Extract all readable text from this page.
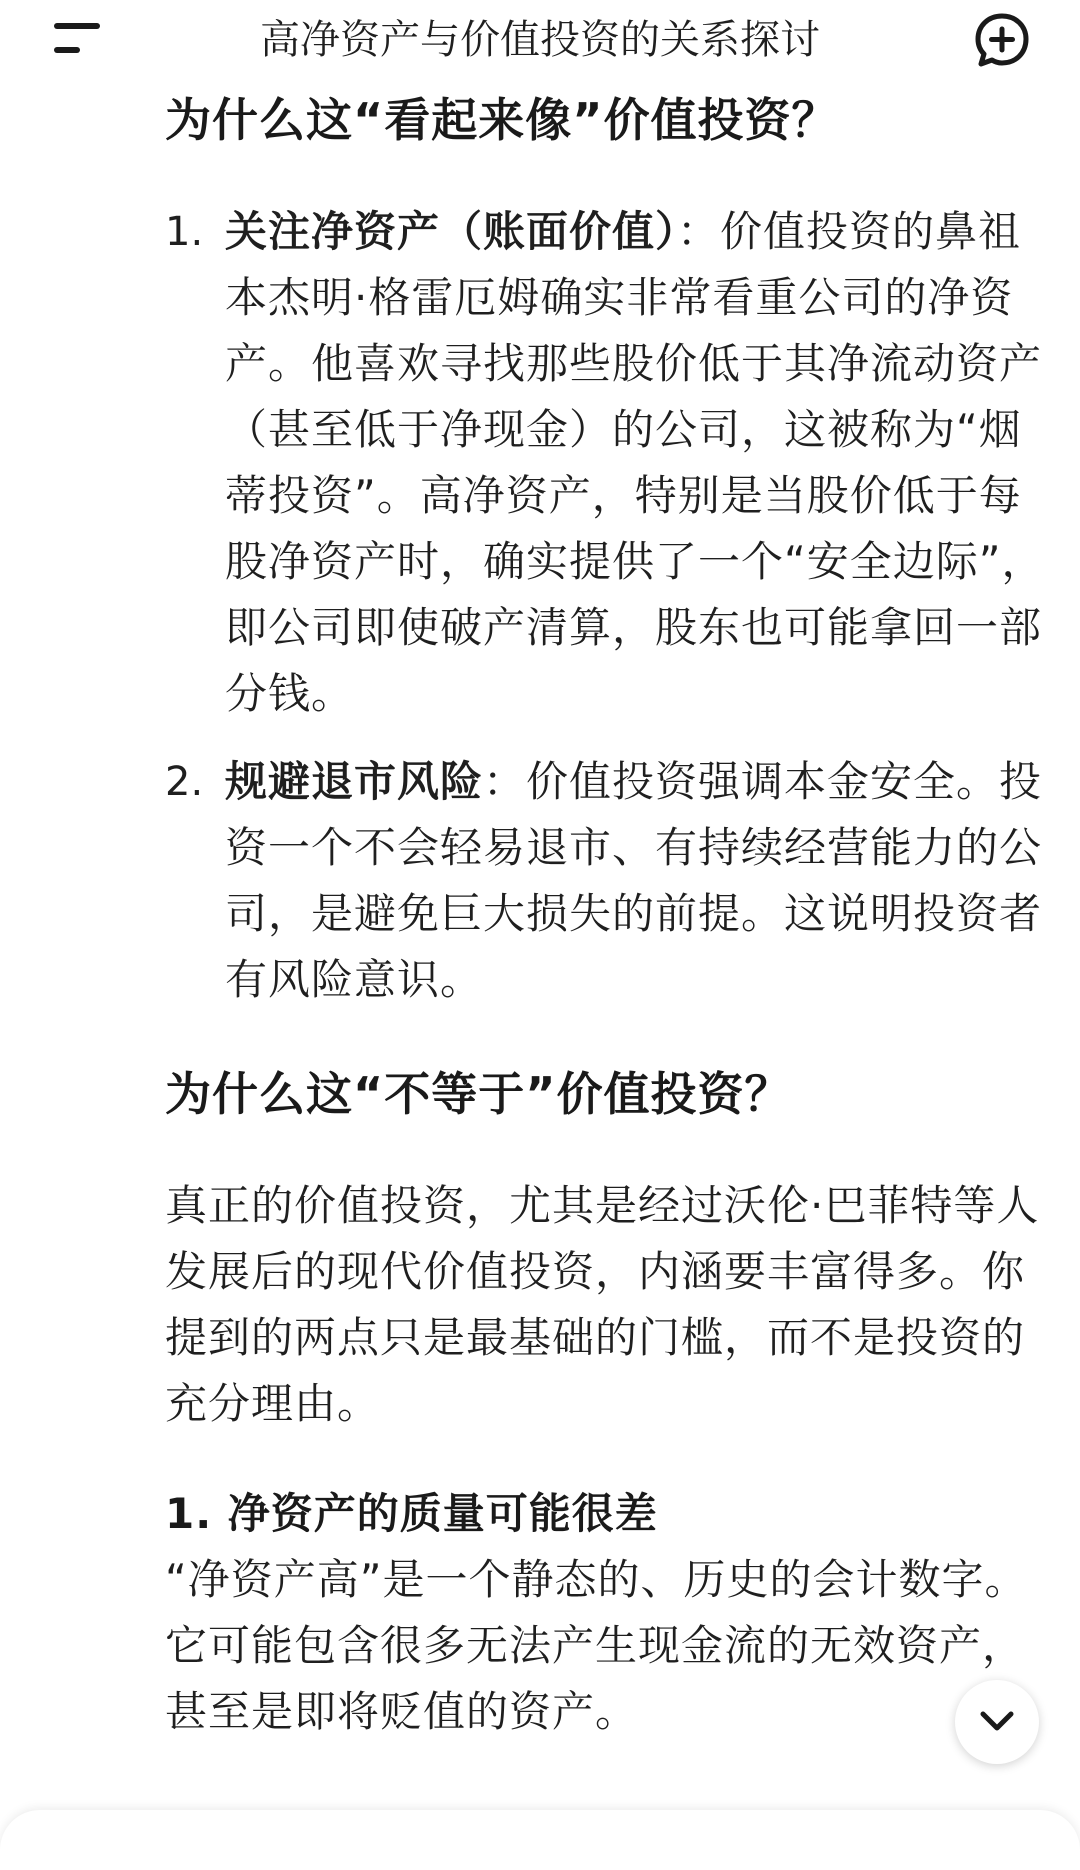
高净资产与价值投资的关系探讨
为什么这“看起来像”价值投资？
1. 关注净资产（账面价值）：价值投资的鼻祖本杰明·格雷厄姆确实非常看重公司的净资产。他喜欢寻找那些股价低于其净流动资产（甚至低于净现金）的公司，这被称为“烟蒂投资”。高净资产，特别是当股价低于每股净资产时，确实提供了一个“安全边际”，即公司即使破产清算，股东也可能拿回一部分钱。
2. 规避退市风险：价值投资强调本金安全。投资一个不会轻易退市、有持续经营能力的公司，是避免巨大损失的前提。这说明投资者有风险意识。
为什么这“不等于”价值投资？
真正的价值投资，尤其是经过沃伦·巴菲特等人发展后的现代价值投资，内涵要丰富得多。你提到的两点只是最基础的门槛，而不是投资的充分理由。
1. 净资产的质量可能很差
“净资产高”是一个静态的、历史的会计数字。它可能包含很多无法产生现金流的无效资产，甚至是即将贬值的资产。
